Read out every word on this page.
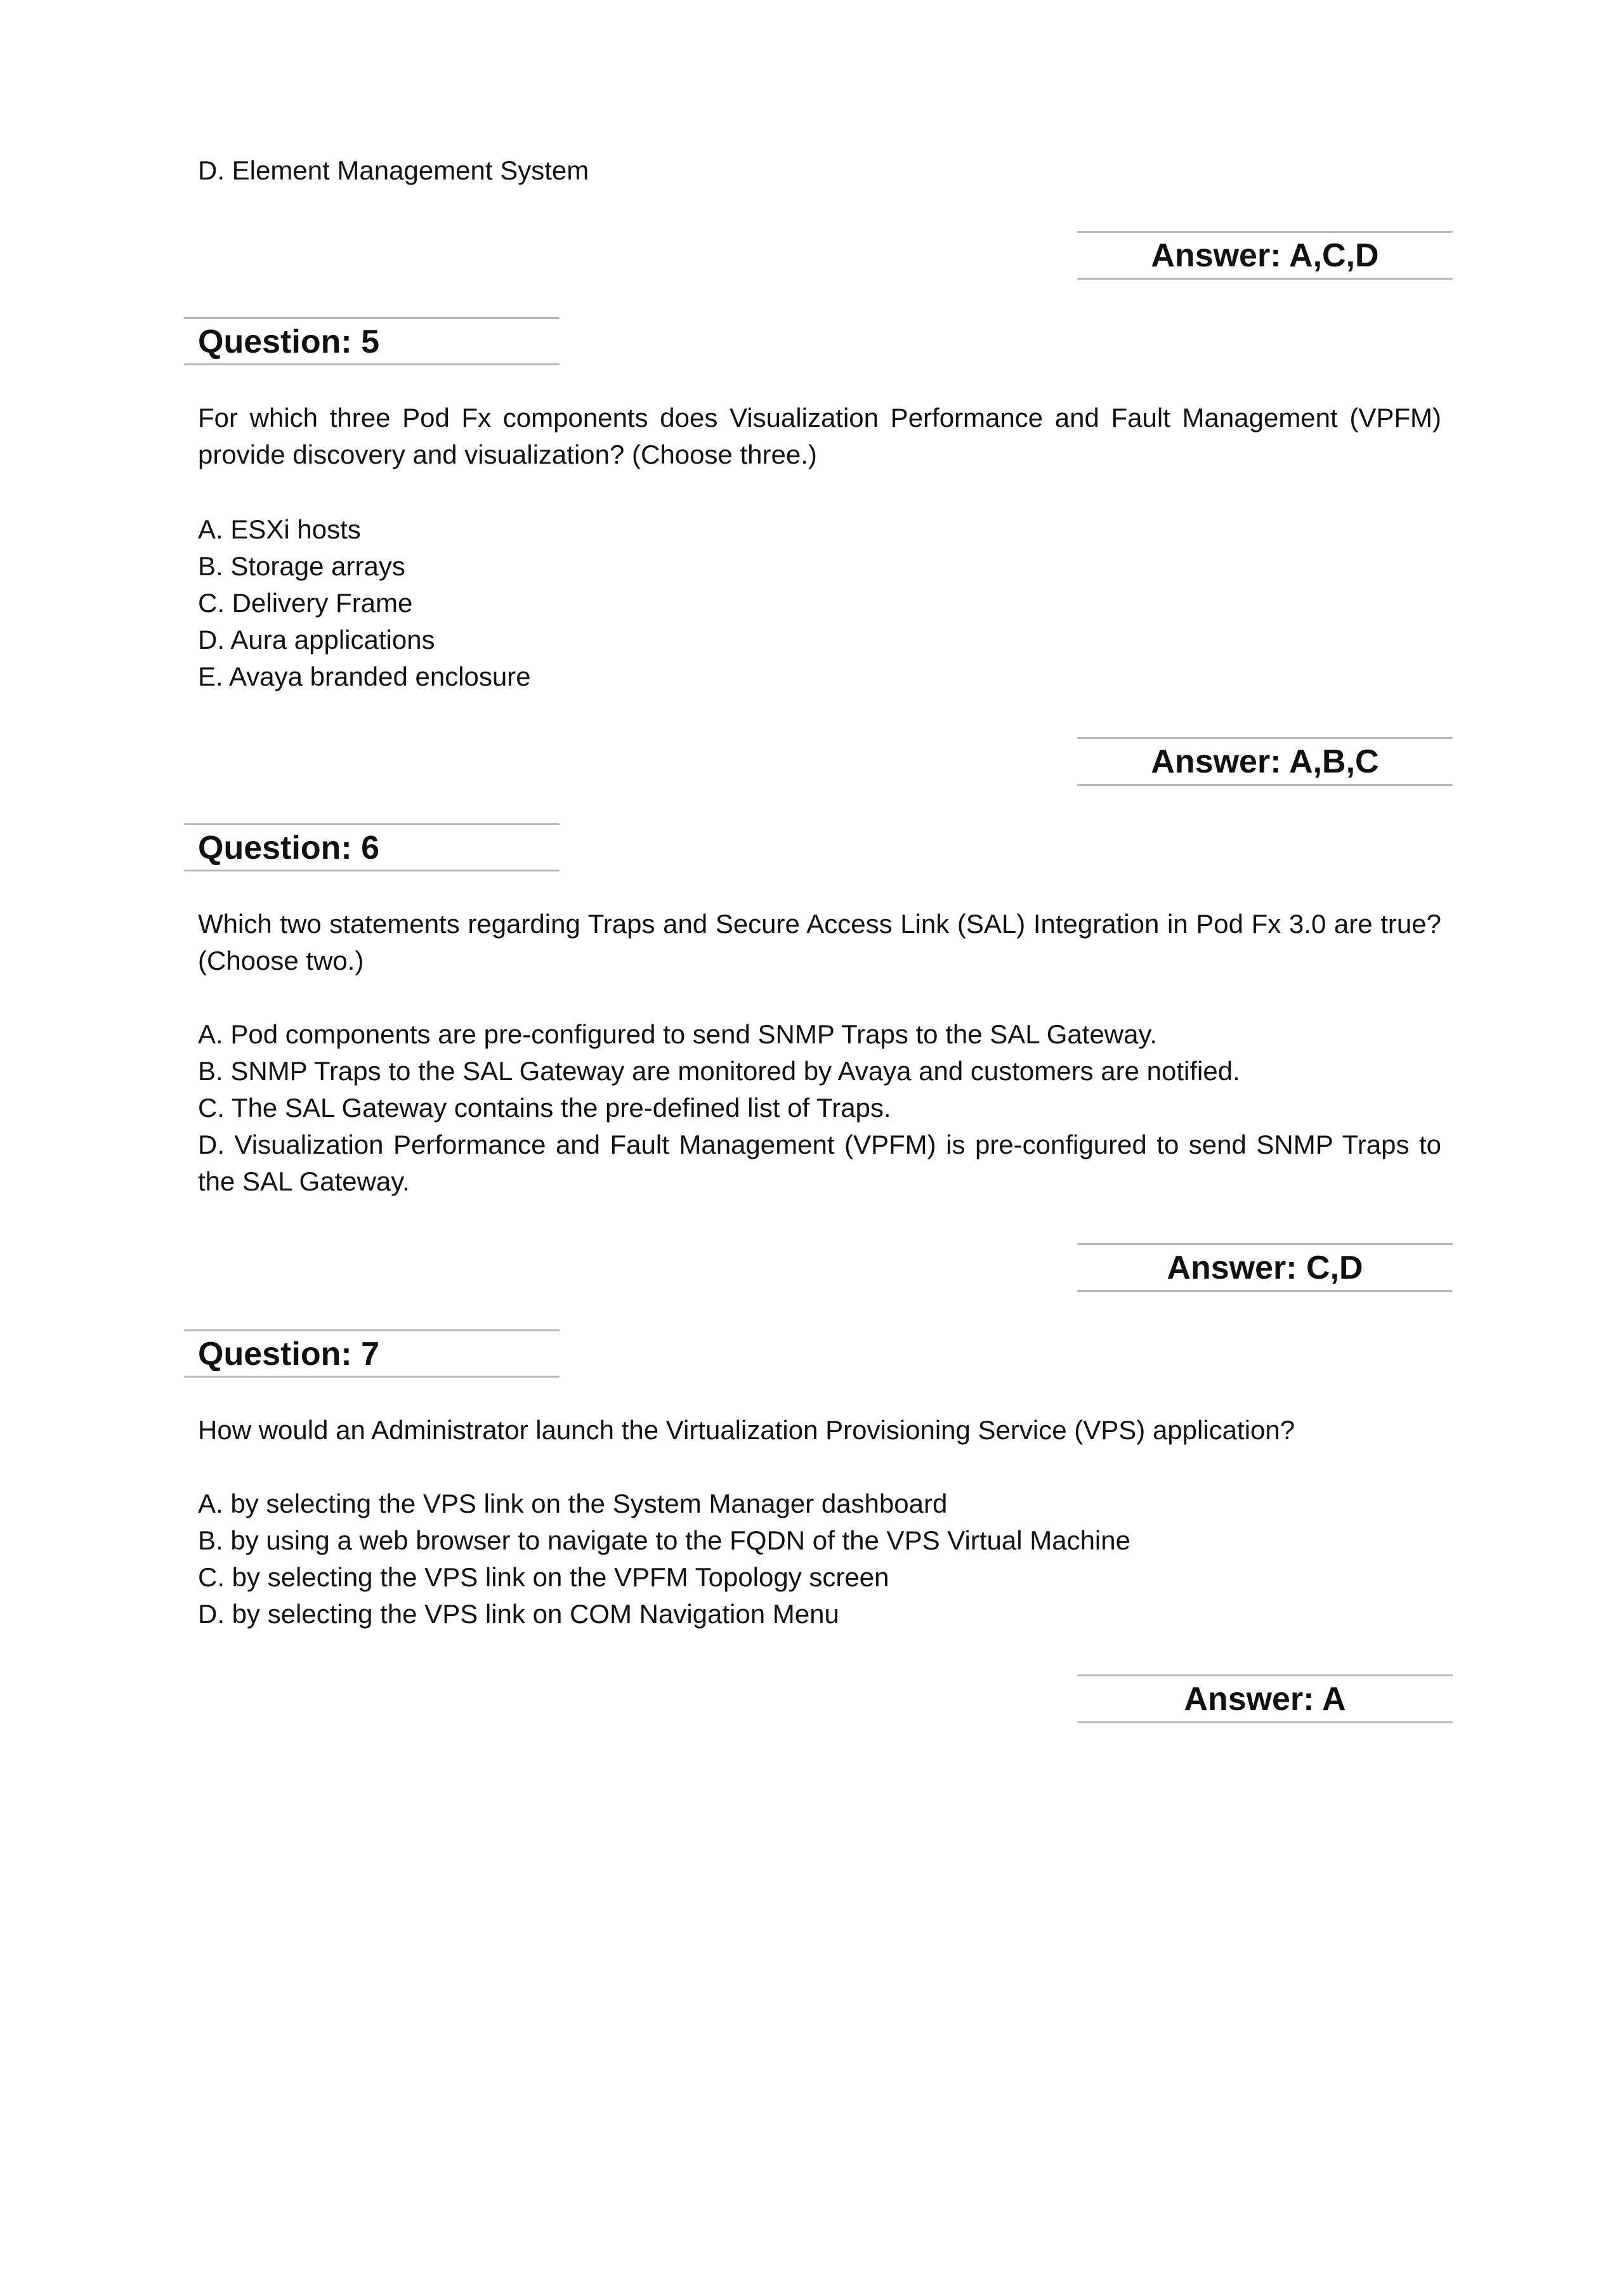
D. Element Management System
Answer: A,C,D
Question: 5
For which three Pod Fx components does Visualization Performance and Fault Management (VPFM) provide discovery and visualization? (Choose three.)
A. ESXi hosts
B. Storage arrays
C. Delivery Frame
D. Aura applications
E. Avaya branded enclosure
Answer: A,B,C
Question: 6
Which two statements regarding Traps and Secure Access Link (SAL) Integration in Pod Fx 3.0 are true? (Choose two.)
A. Pod components are pre-configured to send SNMP Traps to the SAL Gateway.
B. SNMP Traps to the SAL Gateway are monitored by Avaya and customers are notified.
C. The SAL Gateway contains the pre-defined list of Traps.
D. Visualization Performance and Fault Management (VPFM) is pre-configured to send SNMP Traps to the SAL Gateway.
Answer: C,D
Question: 7
How would an Administrator launch the Virtualization Provisioning Service (VPS) application?
A. by selecting the VPS link on the System Manager dashboard
B. by using a web browser to navigate to the FQDN of the VPS Virtual Machine
C. by selecting the VPS link on the VPFM Topology screen
D. by selecting the VPS link on COM Navigation Menu
Answer: A
